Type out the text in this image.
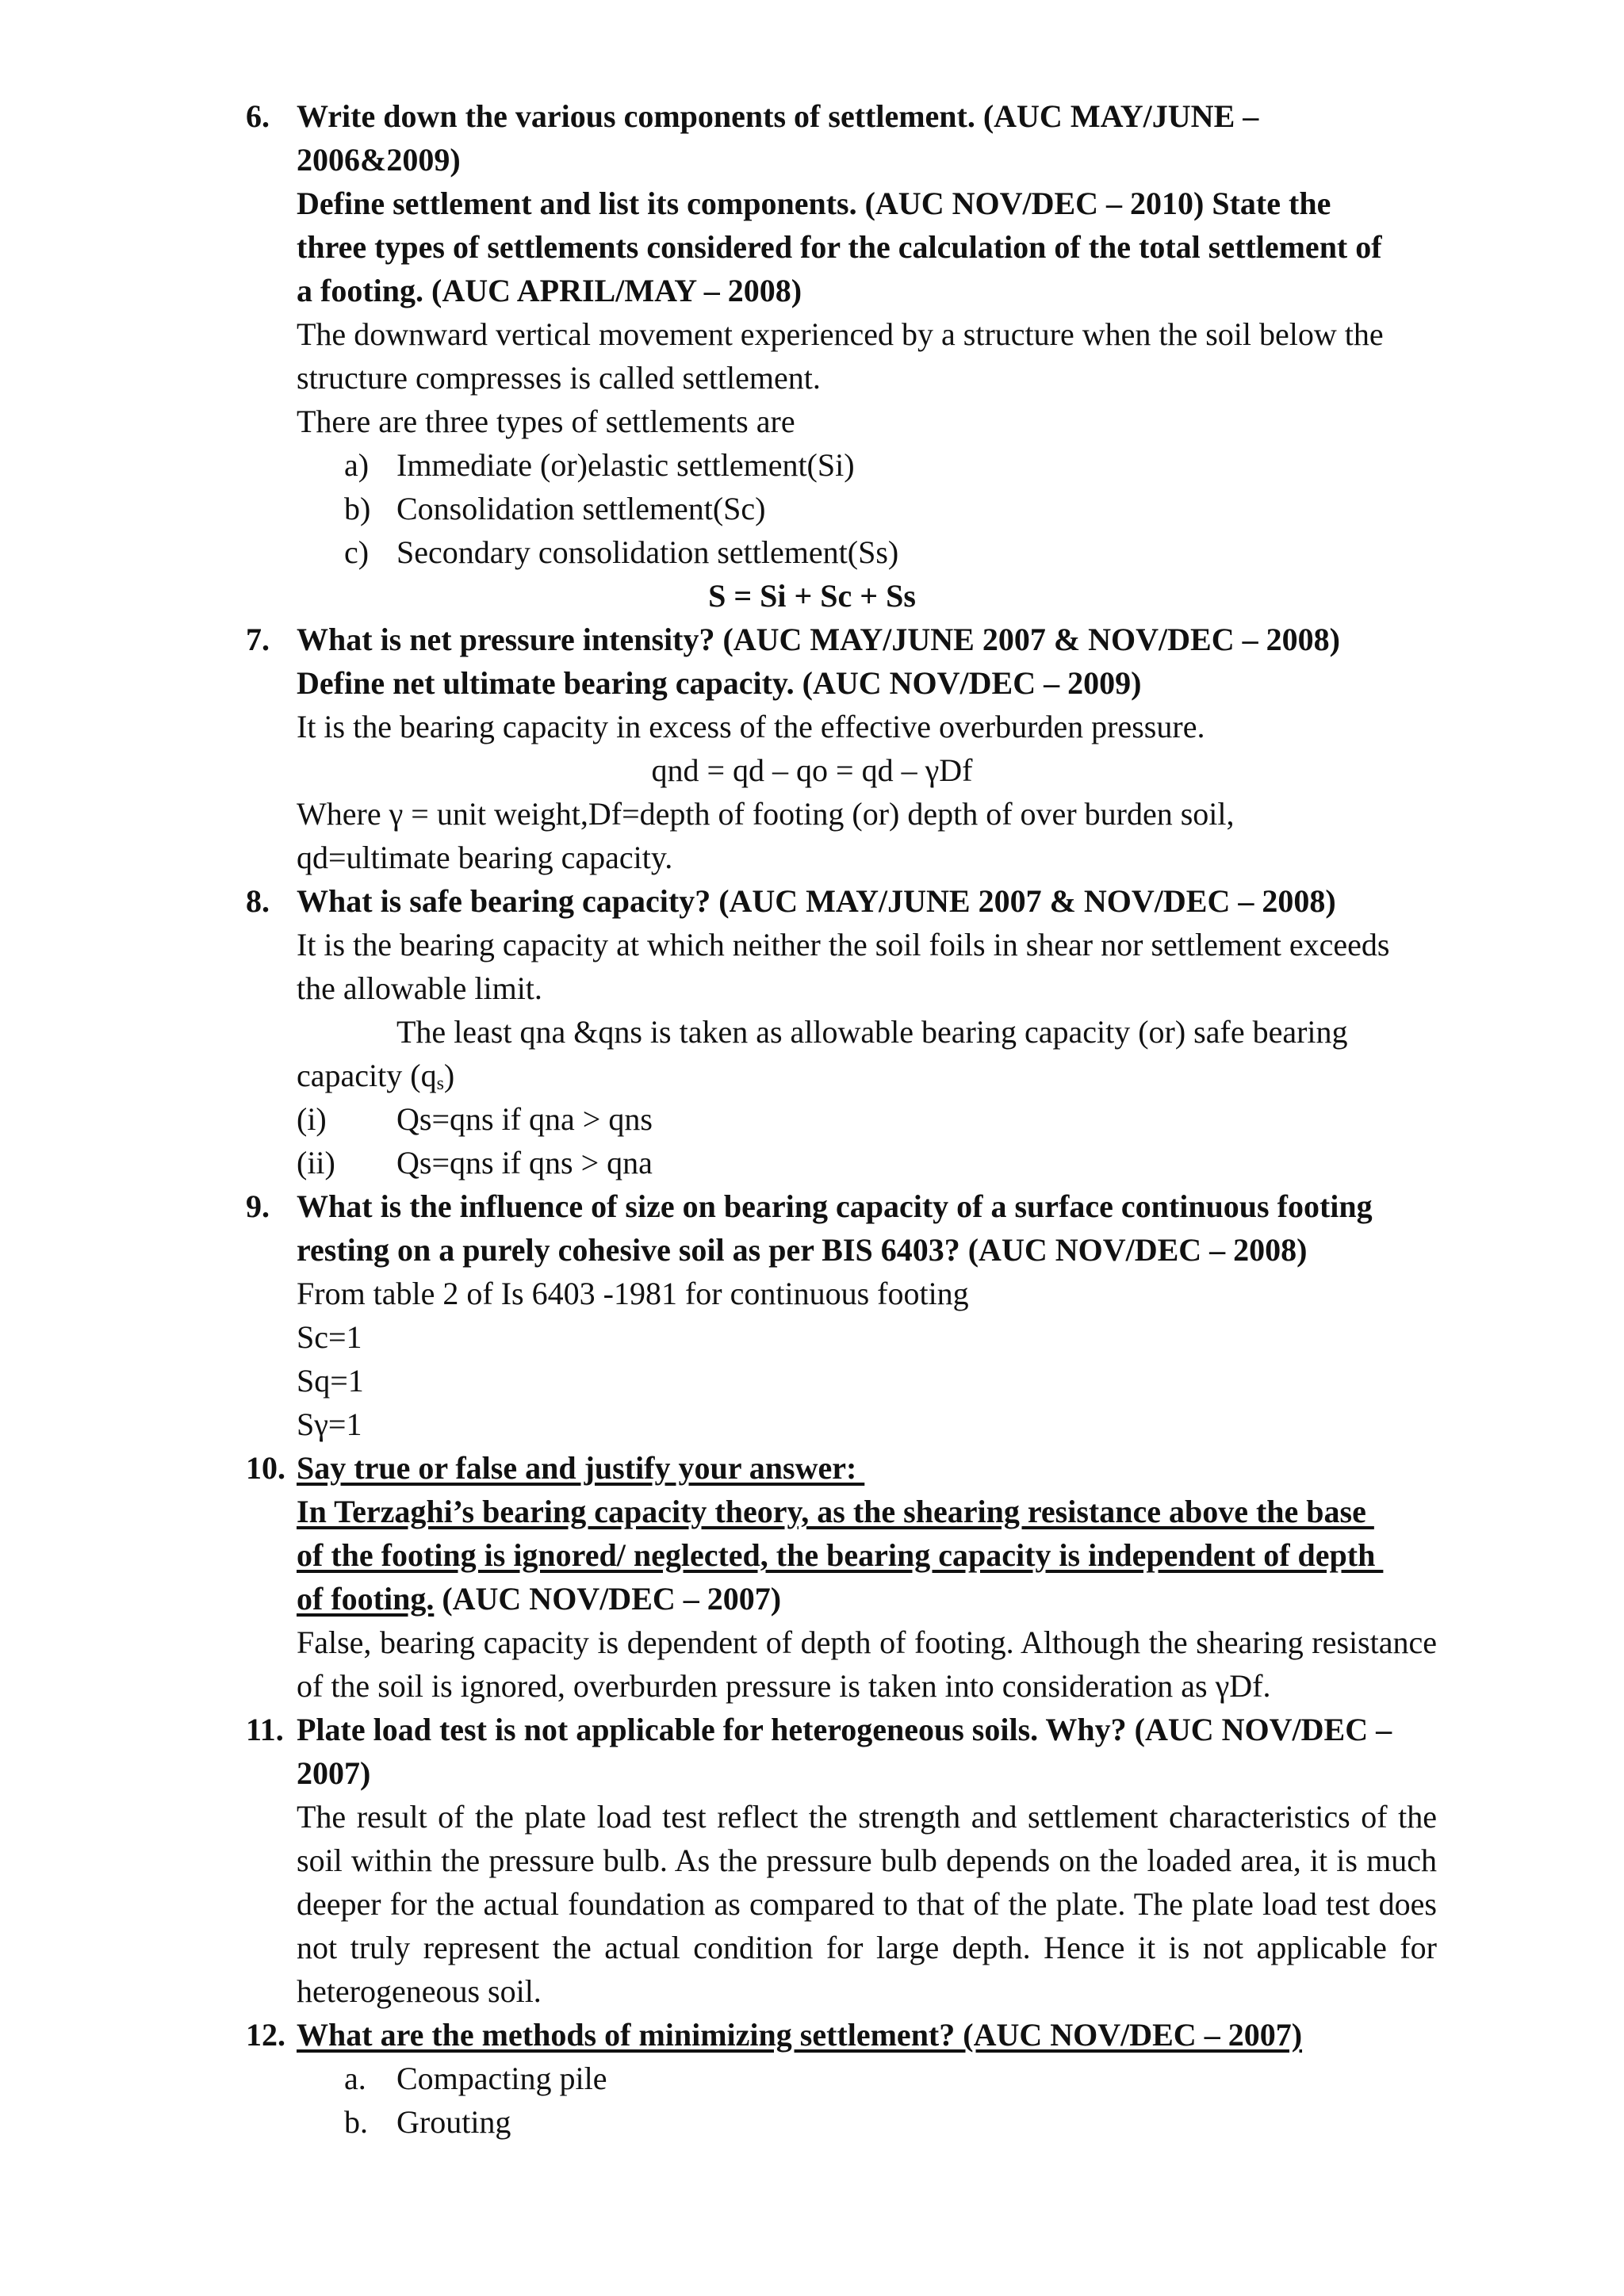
6. Write down the various components of settlement. (AUC MAY/JUNE –
2006&2009)
Define settlement and list its components. (AUC NOV/DEC – 2010) State the
three types of settlements considered for the calculation of the total settlement of
a footing. (AUC APRIL/MAY – 2008)
The downward vertical movement experienced by a structure when the soil below the
structure compresses is called settlement.
There are three types of settlements are
a) Immediate (or)elastic settlement(Si)
b) Consolidation settlement(Sc)
c) Secondary consolidation settlement(Ss)
S = Si + Sc + Ss
7. What is net pressure intensity? (AUC MAY/JUNE 2007 & NOV/DEC – 2008)
Define net ultimate bearing capacity. (AUC NOV/DEC – 2009)
It is the bearing capacity in excess of the effective overburden pressure.
qnd = qd – qo = qd – γDf
Where γ = unit weight,Df=depth of footing (or) depth of over burden soil,
qd=ultimate bearing capacity.
8. What is safe bearing capacity? (AUC MAY/JUNE 2007 & NOV/DEC – 2008)
It is the bearing capacity at which neither the soil foils in shear nor settlement exceeds
the allowable limit.
The least qna &qns is taken as allowable bearing capacity (or) safe bearing
capacity $(q_s)$
(i) Qs=qns if qna > qns
(ii) Qs=qns if qns > qna
9. What is the influence of size on bearing capacity of a surface continuous footing
resting on a purely cohesive soil as per BIS 6403? (AUC NOV/DEC – 2008)
From table 2 of Is 6403 -1981 for continuous footing
Sc=1
Sq=1
Sγ=1
10. Say true or false and justify your answer:
In Terzaghi’s bearing capacity theory, as the shearing resistance above the base
of the footing is ignored/ neglected, the bearing capacity is independent of depth
of footing. (AUC NOV/DEC – 2007)
False, bearing capacity is dependent of depth of footing. Although the shearing resistance of the soil is ignored, overburden pressure is taken into consideration as γDf.
11. Plate load test is not applicable for heterogeneous soils. Why? (AUC NOV/DEC –
2007)
The result of the plate load test reflect the strength and settlement characteristics of the soil within the pressure bulb. As the pressure bulb depends on the loaded area, it is much deeper for the actual foundation as compared to that of the plate. The plate load test does not truly represent the actual condition for large depth. Hence it is not applicable for heterogeneous soil.
12. What are the methods of minimizing settlement? (AUC NOV/DEC – 2007)
a. Compacting pile
b. Grouting
